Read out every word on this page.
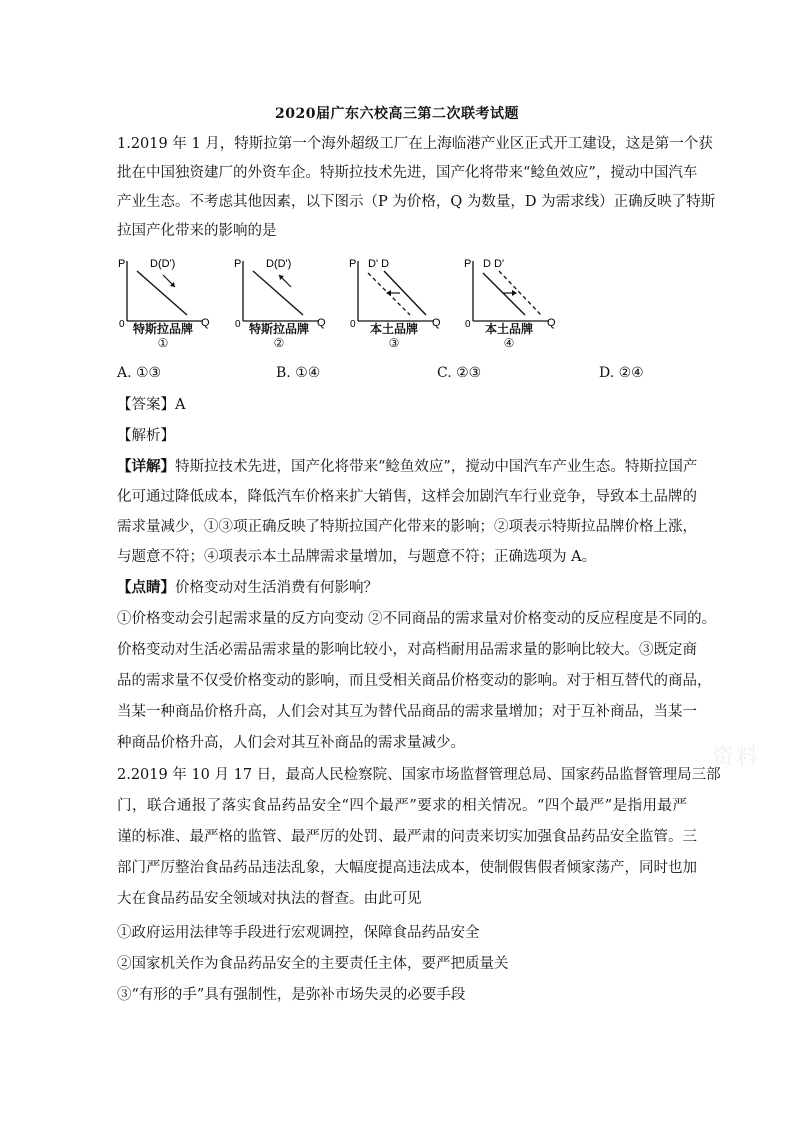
2020届广东六校高三第二次联考试题
1.2019 年 1 月，特斯拉第一个海外超级工厂在上海临港产业区正式开工建设，这是第一个获
批在中国独资建厂的外资车企。特斯拉技术先进，国产化将带来“鲶鱼效应”，搅动中国汽车
产业生态。不考虑其他因素，以下图示（P 为价格，Q 为数量，D 为需求线）正确反映了特斯
拉国产化带来的影响的是
P D(D')
Q
0 特斯拉品牌
①
P D(D')
Q
0 特斯拉品牌
②
P D' D
Q
0	本土品牌
③
P D D'
Q
0	本土品牌
④
A. ①③	B. ①④	C. ②③	D. ②④
【答案】A
【解析】
【详解】特斯拉技术先进，国产化将带来“鲶鱼效应”，搅动中国汽车产业生态。特斯拉国产
化可通过降低成本，降低汽车价格来扩大销售，这样会加剧汽车行业竞争，导致本土品牌的
需求量减少，①③项正确反映了特斯拉国产化带来的影响；②项表示特斯拉品牌价格上涨，
与题意不符；④项表示本土品牌需求量增加，与题意不符；正确选项为 A。
【点睛】价格变动对生活消费有何影响？
①价格变动会引起需求量的反方向变动 ②不同商品的需求量对价格变动的反应程度是不同的。
价格变动对生活必需品需求量的影响比较小，对高档耐用品需求量的影响比较大。③既定商
品的需求量不仅受价格变动的影响，而且受相关商品价格变动的影响。对于相互替代的商品，
当某一种商品价格升高，人们会对其互为替代品商品的需求量增加；对于互补商品，当某一
种商品价格升高，人们会对其互补商品的需求量减少。
2.2019 年 10 月 17 日，最高人民检察院、国家市场监督管理总局、国家药品监督管理局三部
门，联合通报了落实食品药品安全“四个最严”要求的相关情况。“四个最严”是指用最严
谨的标准、最严格的监管、最严厉的处罚、最严肃的问责来切实加强食品药品安全监管。三
部门严厉整治食品药品违法乱象，大幅度提高违法成本，使制假售假者倾家荡产，同时也加
大在食品药品安全领域对执法的督查。由此可见
①政府运用法律等手段进行宏观调控，保障食品药品安全
②国家机关作为食品药品安全的主要责任主体，要严把质量关
③“有形的手”具有强制性，是弥补市场失灵的必要手段
资料
